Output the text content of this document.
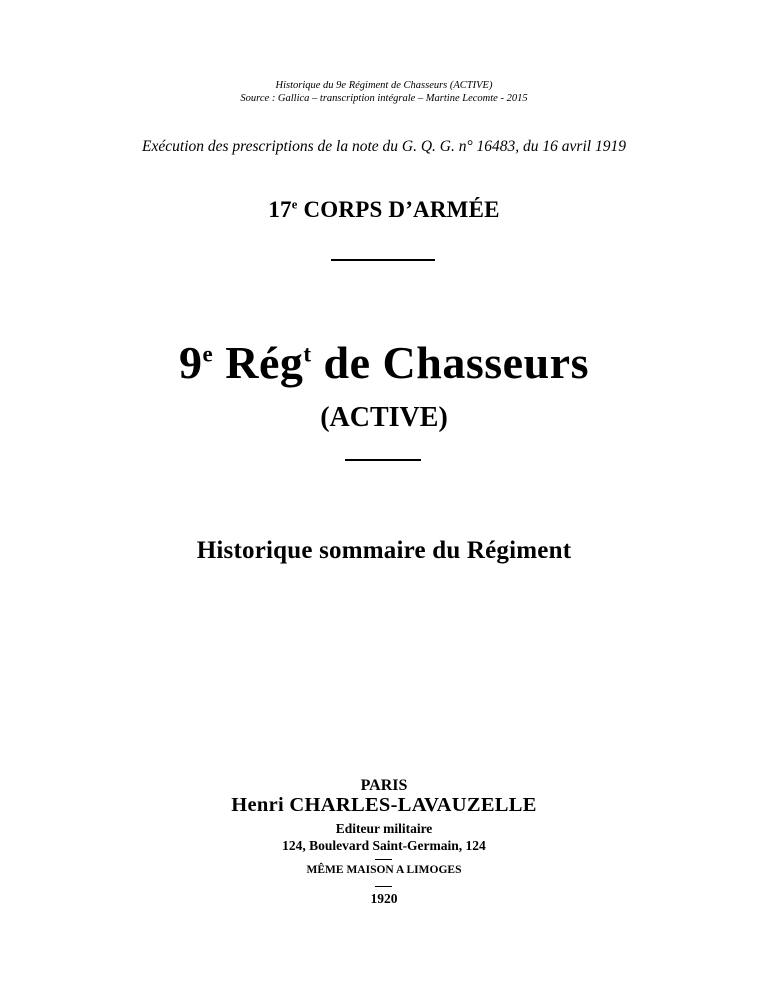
Historique du 9e Régiment de Chasseurs (ACTIVE)
Source : Gallica – transcription intégrale – Martine Lecomte - 2015
Exécution des prescriptions de la note du G. Q. G. n° 16483, du 16 avril 1919
17e CORPS D’ARMÉE
9e Rég$^t$ de Chasseurs
(ACTIVE)
Historique sommaire du Régiment
PARIS
Henri CHARLES-LAVAUZELLE
Editeur militaire
124, Boulevard Saint-Germain, 124
MÊME MAISON A LIMOGES
1920
